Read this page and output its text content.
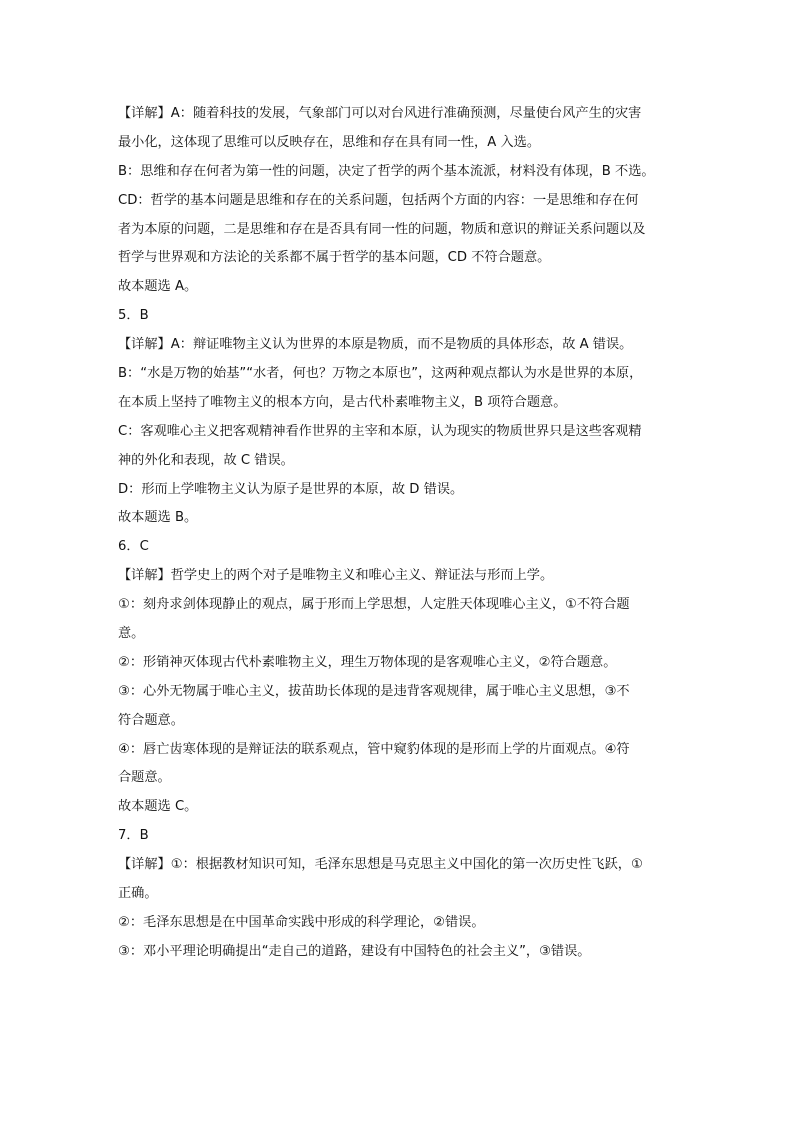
【详解】A：随着科技的发展，气象部门可以对台风进行准确预测，尽量使台风产生的灾害
最小化，这体现了思维可以反映存在，思维和存在具有同一性，A 入选。
B：思维和存在何者为第一性的问题，决定了哲学的两个基本流派，材料没有体现，B 不选。
CD：哲学的基本问题是思维和存在的关系问题，包括两个方面的内容：一是思维和存在何
者为本原的问题，二是思维和存在是否具有同一性的问题，物质和意识的辩证关系问题以及
哲学与世界观和方法论的关系都不属于哲学的基本问题，CD 不符合题意。
故本题选 A。
5．B
【详解】A：辩证唯物主义认为世界的本原是物质，而不是物质的具体形态，故 A 错误。
B：“水是万物的始基”“水者，何也？万物之本原也”，这两种观点都认为水是世界的本原，
在本质上坚持了唯物主义的根本方向，是古代朴素唯物主义，B 项符合题意。
C：客观唯心主义把客观精神看作世界的主宰和本原，认为现实的物质世界只是这些客观精
神的外化和表现，故 C 错误。
D：形而上学唯物主义认为原子是世界的本原，故 D 错误。
故本题选 B。
6．C
【详解】哲学史上的两个对子是唯物主义和唯心主义、辩证法与形而上学。
①：刻舟求剑体现静止的观点，属于形而上学思想，人定胜天体现唯心主义，①不符合题
意。
②：形销神灭体现古代朴素唯物主义，理生万物体现的是客观唯心主义，②符合题意。
③：心外无物属于唯心主义，拔苗助长体现的是违背客观规律，属于唯心主义思想，③不
符合题意。
④：唇亡齿寒体现的是辩证法的联系观点，管中窥豹体现的是形而上学的片面观点。④符
合题意。
故本题选 C。
7．B
【详解】①：根据教材知识可知，毛泽东思想是马克思主义中国化的第一次历史性飞跃，①
正确。
②：毛泽东思想是在中国革命实践中形成的科学理论，②错误。
③：邓小平理论明确提出“走自己的道路，建设有中国特色的社会主义”，③错误。
